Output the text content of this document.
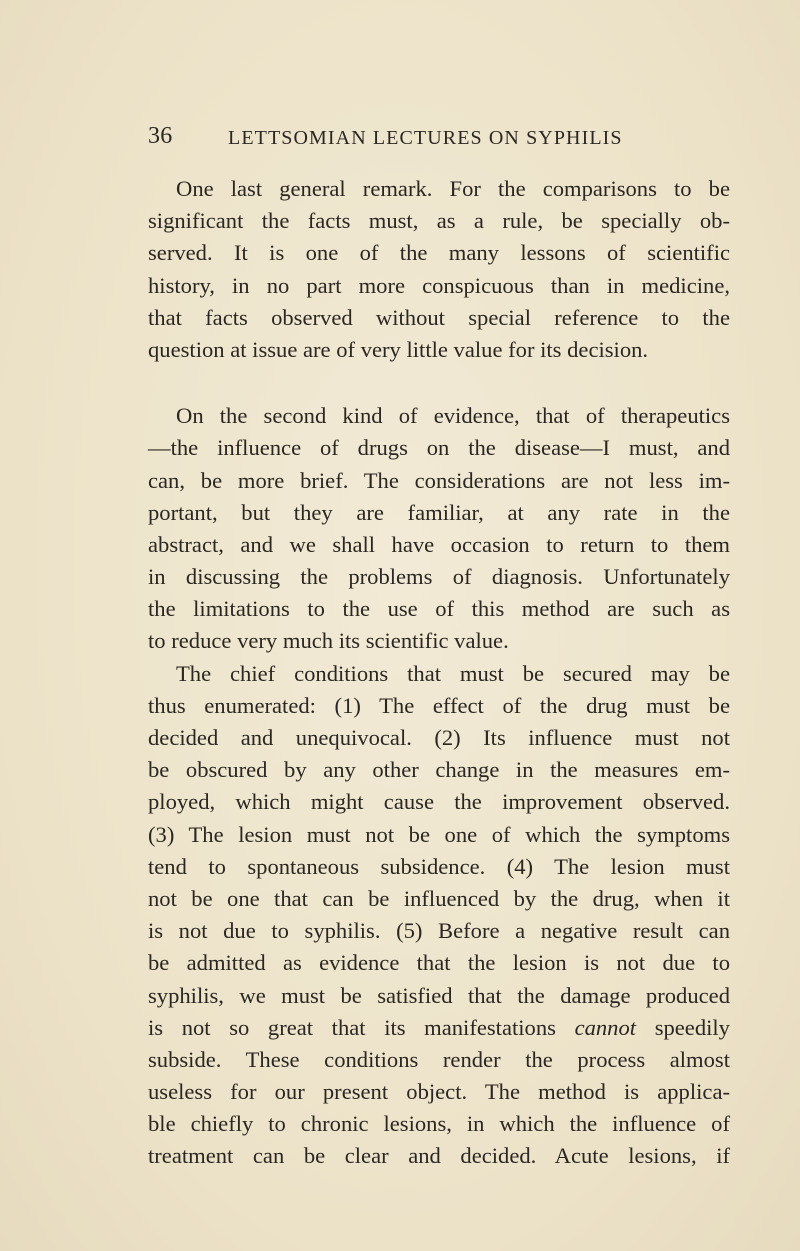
36	LETTSOMIAN LECTURES ON SYPHILIS
One last general remark. For the comparisons to be
significant the facts must, as a rule, be specially ob-
served. It is one of the many lessons of scientific
history, in no part more conspicuous than in medicine,
that facts observed without special reference to the
question at issue are of very little value for its decision.
On the second kind of evidence, that of therapeutics
—the influence of drugs on the disease—I must, and
can, be more brief. The considerations are not less im-
portant, but they are familiar, at any rate in the
abstract, and we shall have occasion to return to them
in discussing the problems of diagnosis. Unfortunately
the limitations to the use of this method are such as
to reduce very much its scientific value.
The chief conditions that must be secured may be
thus enumerated: (1) The effect of the drug must be
decided and unequivocal. (2) Its influence must not
be obscured by any other change in the measures em-
ployed, which might cause the improvement observed.
(3) The lesion must not be one of which the symptoms
tend to spontaneous subsidence. (4) The lesion must
not be one that can be influenced by the drug, when it
is not due to syphilis. (5) Before a negative result can
be admitted as evidence that the lesion is not due to
syphilis, we must be satisfied that the damage produced
is not so great that its manifestations cannot speedily
subside. These conditions render the process almost
useless for our present object. The method is applica-
ble chiefly to chronic lesions, in which the influence of
treatment can be clear and decided. Acute lesions, if
